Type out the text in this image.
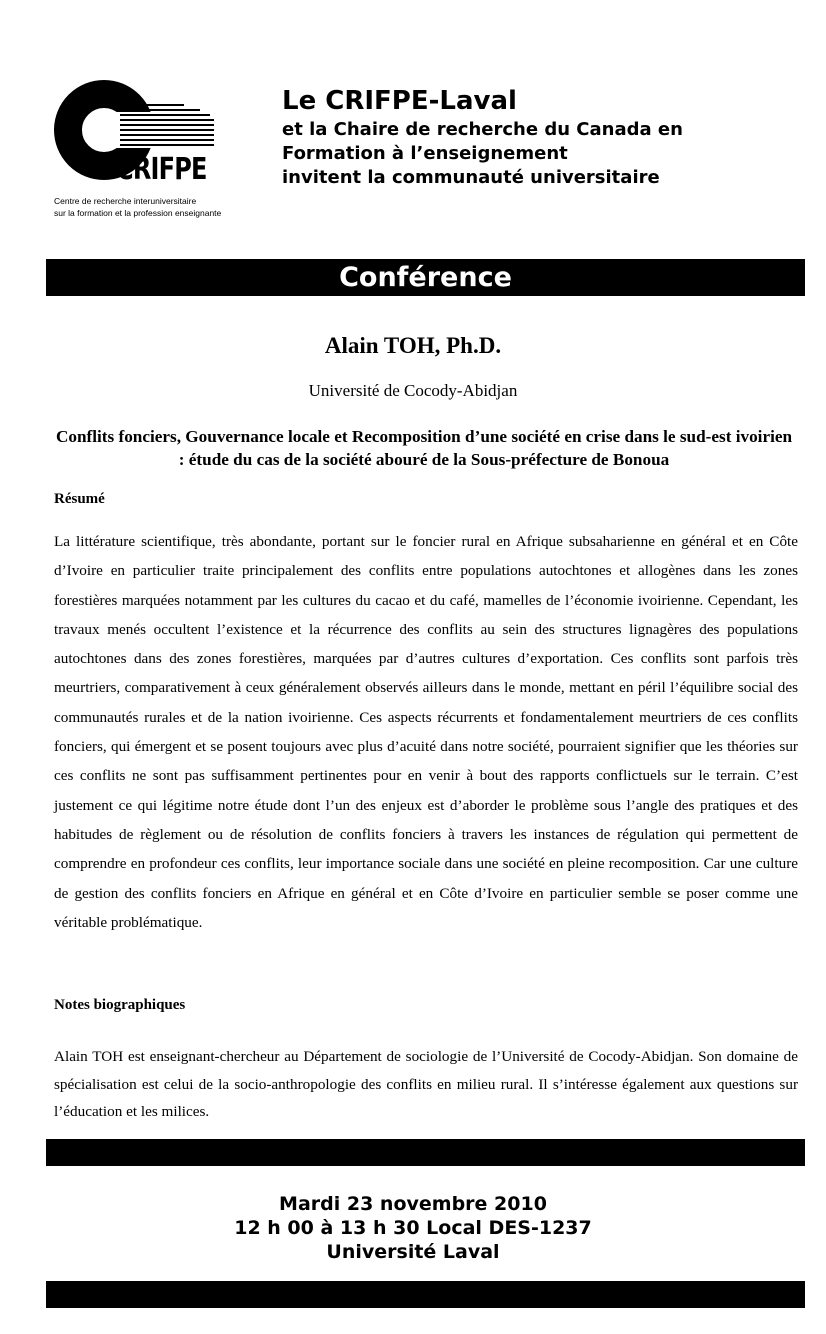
CRIFPE
Centre de recherche interuniversitaire
sur la formation et la profession enseignante
Le CRIFPE-Laval
et la Chaire de recherche du Canada en
Formation à l’enseignement
invitent la communauté universitaire
Conférence
Alain TOH, Ph.D.
Université de Cocody-Abidjan
Conflits fonciers, Gouvernance locale et Recomposition d’une société en crise dans le sud-est ivoirien : étude du cas de la société abouré de la Sous-préfecture de Bonoua
Résumé
La littérature scientifique, très abondante, portant sur le foncier rural en Afrique subsaharienne en général et en Côte d’Ivoire en particulier traite principalement des conflits entre populations autochtones et allogènes dans les zones forestières marquées notamment par les cultures du cacao et du café, mamelles de l’économie ivoirienne. Cependant, les travaux menés occultent l’existence et la récurrence des conflits au sein des structures lignagères des populations autochtones dans des zones forestières, marquées par d’autres cultures d’exportation. Ces conflits sont parfois très meurtriers, comparativement à ceux généralement observés ailleurs dans le monde, mettant en péril l’équilibre social des communautés rurales et de la nation ivoirienne. Ces aspects récurrents et fondamentalement meurtriers de ces conflits fonciers, qui émergent et se posent toujours avec plus d’acuité dans notre société, pourraient signifier que les théories sur ces conflits ne sont pas suffisamment pertinentes pour en venir à bout des rapports conflictuels sur le terrain. C’est justement ce qui légitime notre étude dont l’un des enjeux est d’aborder le problème sous l’angle des pratiques et des habitudes de règlement ou de résolution de conflits fonciers à travers les instances de régulation qui permettent de comprendre en profondeur ces conflits, leur importance sociale dans une société en pleine recomposition. Car une culture de gestion des conflits fonciers en Afrique en général et en Côte d’Ivoire en particulier semble se poser comme une véritable problématique.
Notes biographiques
Alain TOH est enseignant-chercheur au Département de sociologie de l’Université de Cocody-Abidjan. Son domaine de spécialisation est celui de la socio-anthropologie des conflits en milieu rural. Il s’intéresse également aux questions sur l’éducation et les milices.
Mardi 23 novembre 2010
12 h 00 à 13 h 30 Local DES-1237
Université Laval
